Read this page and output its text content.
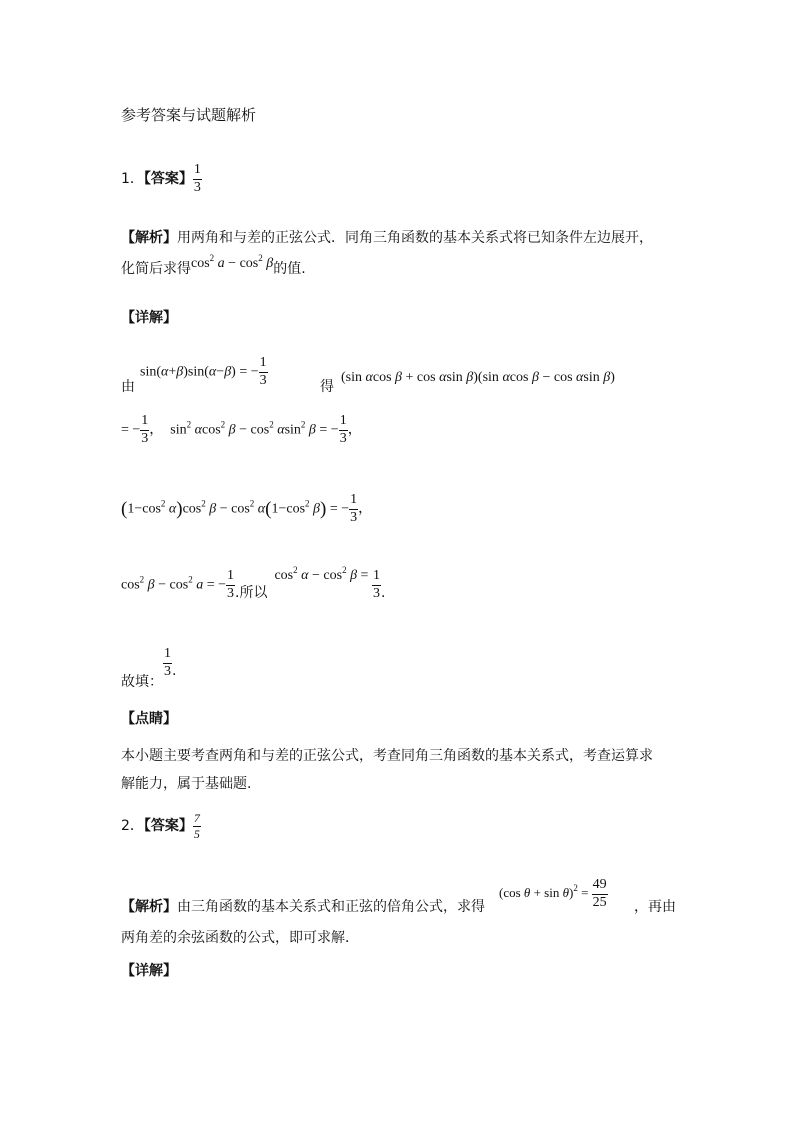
参考答案与试题解析
1．【答案】 $\frac{1}{3}$
【解析】用两角和与差的正弦公式．同角三角函数的基本关系式将已知条件左边展开，
化简后求得$\cos^2 a - \cos^2 \beta$的值.
【详解】
sin(α+β)sin(α−β) = − $\frac{1}{3}$
由	得
(sin αcos β + cos αsin β)(sin αcos β − cos αsin β)
= − $\frac{1}{3}$ ，  $\sin^2 \alpha\cos^2$ $\beta - \cos^2 \alpha\sin^2$ β = − $\frac{1}{3}$ ，
($1-\cos^2$ $\alpha)\cos^2$ $\beta - \cos^2 \alpha(1-\cos^2$ β) = − $\frac{1}{3}$ ，
$\cos^2 \beta - \cos^2 a$ = − $\frac{1}{3}$ .所以  $\cos^2 \alpha - \cos^2 \beta = \frac{1}{3}$ .
故填：
$\frac{1}{3}$ .
【点睛】
本小题主要考查两角和与差的正弦公式，考查同角三角函数的基本关系式，考查运算求
解能力，属于基础题.
2．【答案】 $\frac{7}{5}$
(cos $\theta + \sin \theta)^2 = \frac{49}{25}$
【解析】由三角函数的基本关系式和正弦的倍角公式，求得	，再由
两角差的余弦函数的公式，即可求解．
【详解】
